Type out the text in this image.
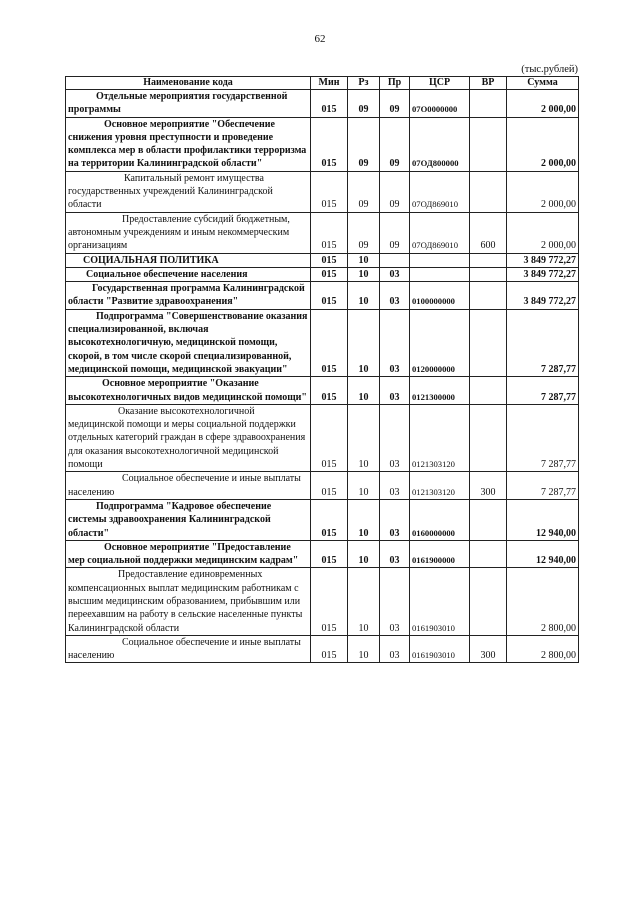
62
(тыс.рублей)
Наименование кода	Мин	Рз	Пр	ЦСР	ВР	Сумма
Отдельные мероприятия государственной программы	015	09	09	07О0000000		2 000,00
Основное мероприятие "Обеспечение снижения уровня преступности и проведение комплекса мер в области профилактики терроризма на территории Калининградской области"	015	09	09	07ОД800000		2 000,00
Капитальный ремонт имущества государственных учреждений Калининградской области	015	09	09	07ОД869010		2 000,00
Предоставление субсидий бюджетным, автономным учреждениям и иным некоммерческим организациям	015	09	09	07ОД869010	600	2 000,00
СОЦИАЛЬНАЯ ПОЛИТИКА	015	10				3 849 772,27
Социальное обеспечение населения	015	10	03			3 849 772,27
Государственная программа Калининградской области "Развитие здравоохранения"	015	10	03	0100000000		3 849 772,27
Подпрограмма "Совершенствование оказания специализированной, включая высокотехнологичную, медицинской помощи, скорой, в том числе скорой специализированной, медицинской помощи, медицинской эвакуации"	015	10	03	0120000000		7 287,77
Основное мероприятие "Оказание высокотехнологичных видов медицинской помощи"	015	10	03	0121300000		7 287,77
Оказание высокотехнологичной медицинской помощи и меры социальной поддержки отдельных категорий граждан в сфере здравоохранения для оказания высокотехнологичной медицинской помощи	015	10	03	0121303120		7 287,77
Социальное обеспечение и иные выплаты населению	015	10	03	0121303120	300	7 287,77
Подпрограмма "Кадровое обеспечение системы здравоохранения Калининградской области"	015	10	03	0160000000		12 940,00
Основное мероприятие "Предоставление мер социальной поддержки медицинским кадрам"	015	10	03	0161900000		12 940,00
Предоставление единовременных компенсационных выплат медицинским работникам с высшим медицинским образованием, прибывшим или переехавшим на работу в сельские населенные пункты Калининградской области	015	10	03	0161903010		2 800,00
Социальное обеспечение и иные выплаты населению	015	10	03	0161903010	300	2 800,00
